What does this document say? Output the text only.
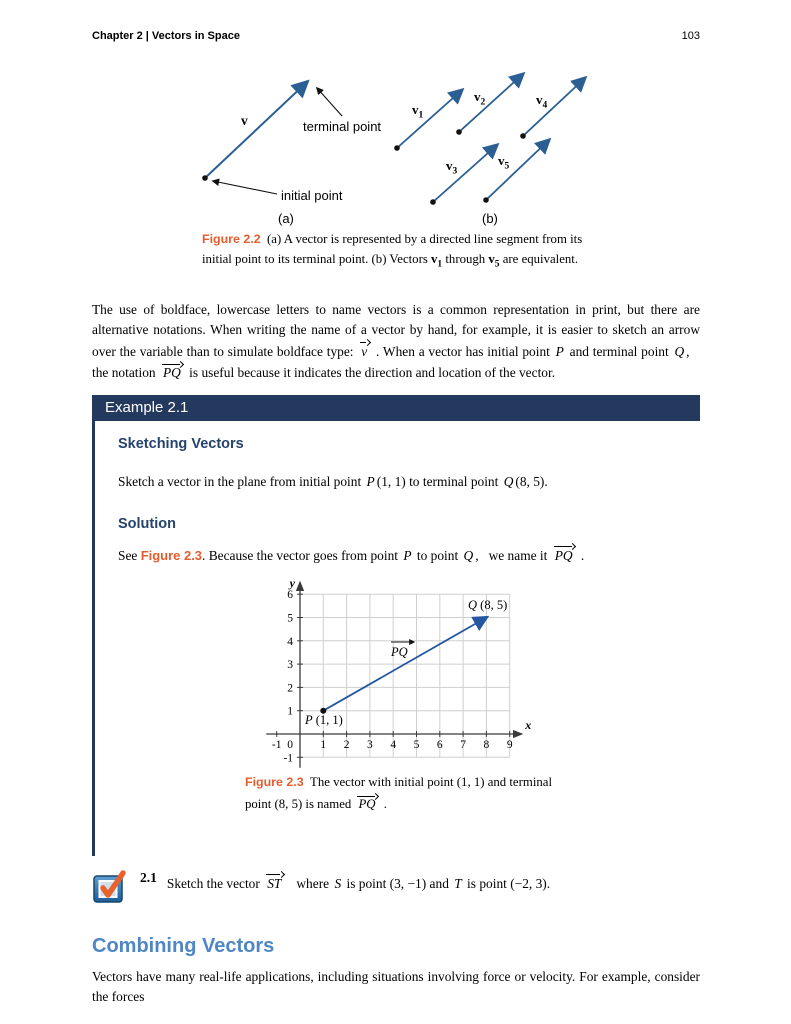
Chapter 2 | Vectors in Space	103
v	terminal point
initial point
(a)
$v_1$
$v_2$	$v_4$
$v_3$
$v_5$
(b)
Figure 2.2 (a) A vector is represented by a directed line segment from its initial point to its terminal point. (b) Vectors $v_1$ through $v_5$ are equivalent.
The use of boldface, lowercase letters to name vectors is a common representation in print, but there are alternative notations. When writing the name of a vector by hand, for example, it is easier to sketch an arrow over the variable than to simulate boldface type: v . When a vector has initial point P and terminal point Q ,  the notation PQ is useful because it indicates the direction and location of the vector.
Example 2.1
Sketching Vectors
Sketch a vector in the plane from initial point P (1, 1) to terminal point Q (8, 5).
Solution
See Figure 2.3. Because the vector goes from point P to point Q ,  we name it PQ .
-1	1 2 3 4 5 6 7 8 9
0
-1
1
2
3
4
5
6
y
x
P (1, 1)
Q (8, 5)
PQ
Figure 2.3 The vector with initial point (1, 1) and terminal point (8, 5) is named PQ .
2.1 Sketch the vector ST  where S is point (3, −1) and T is point (−2, 3).
Combining Vectors
Vectors have many real-life applications, including situations involving force or velocity. For example, consider the forces
